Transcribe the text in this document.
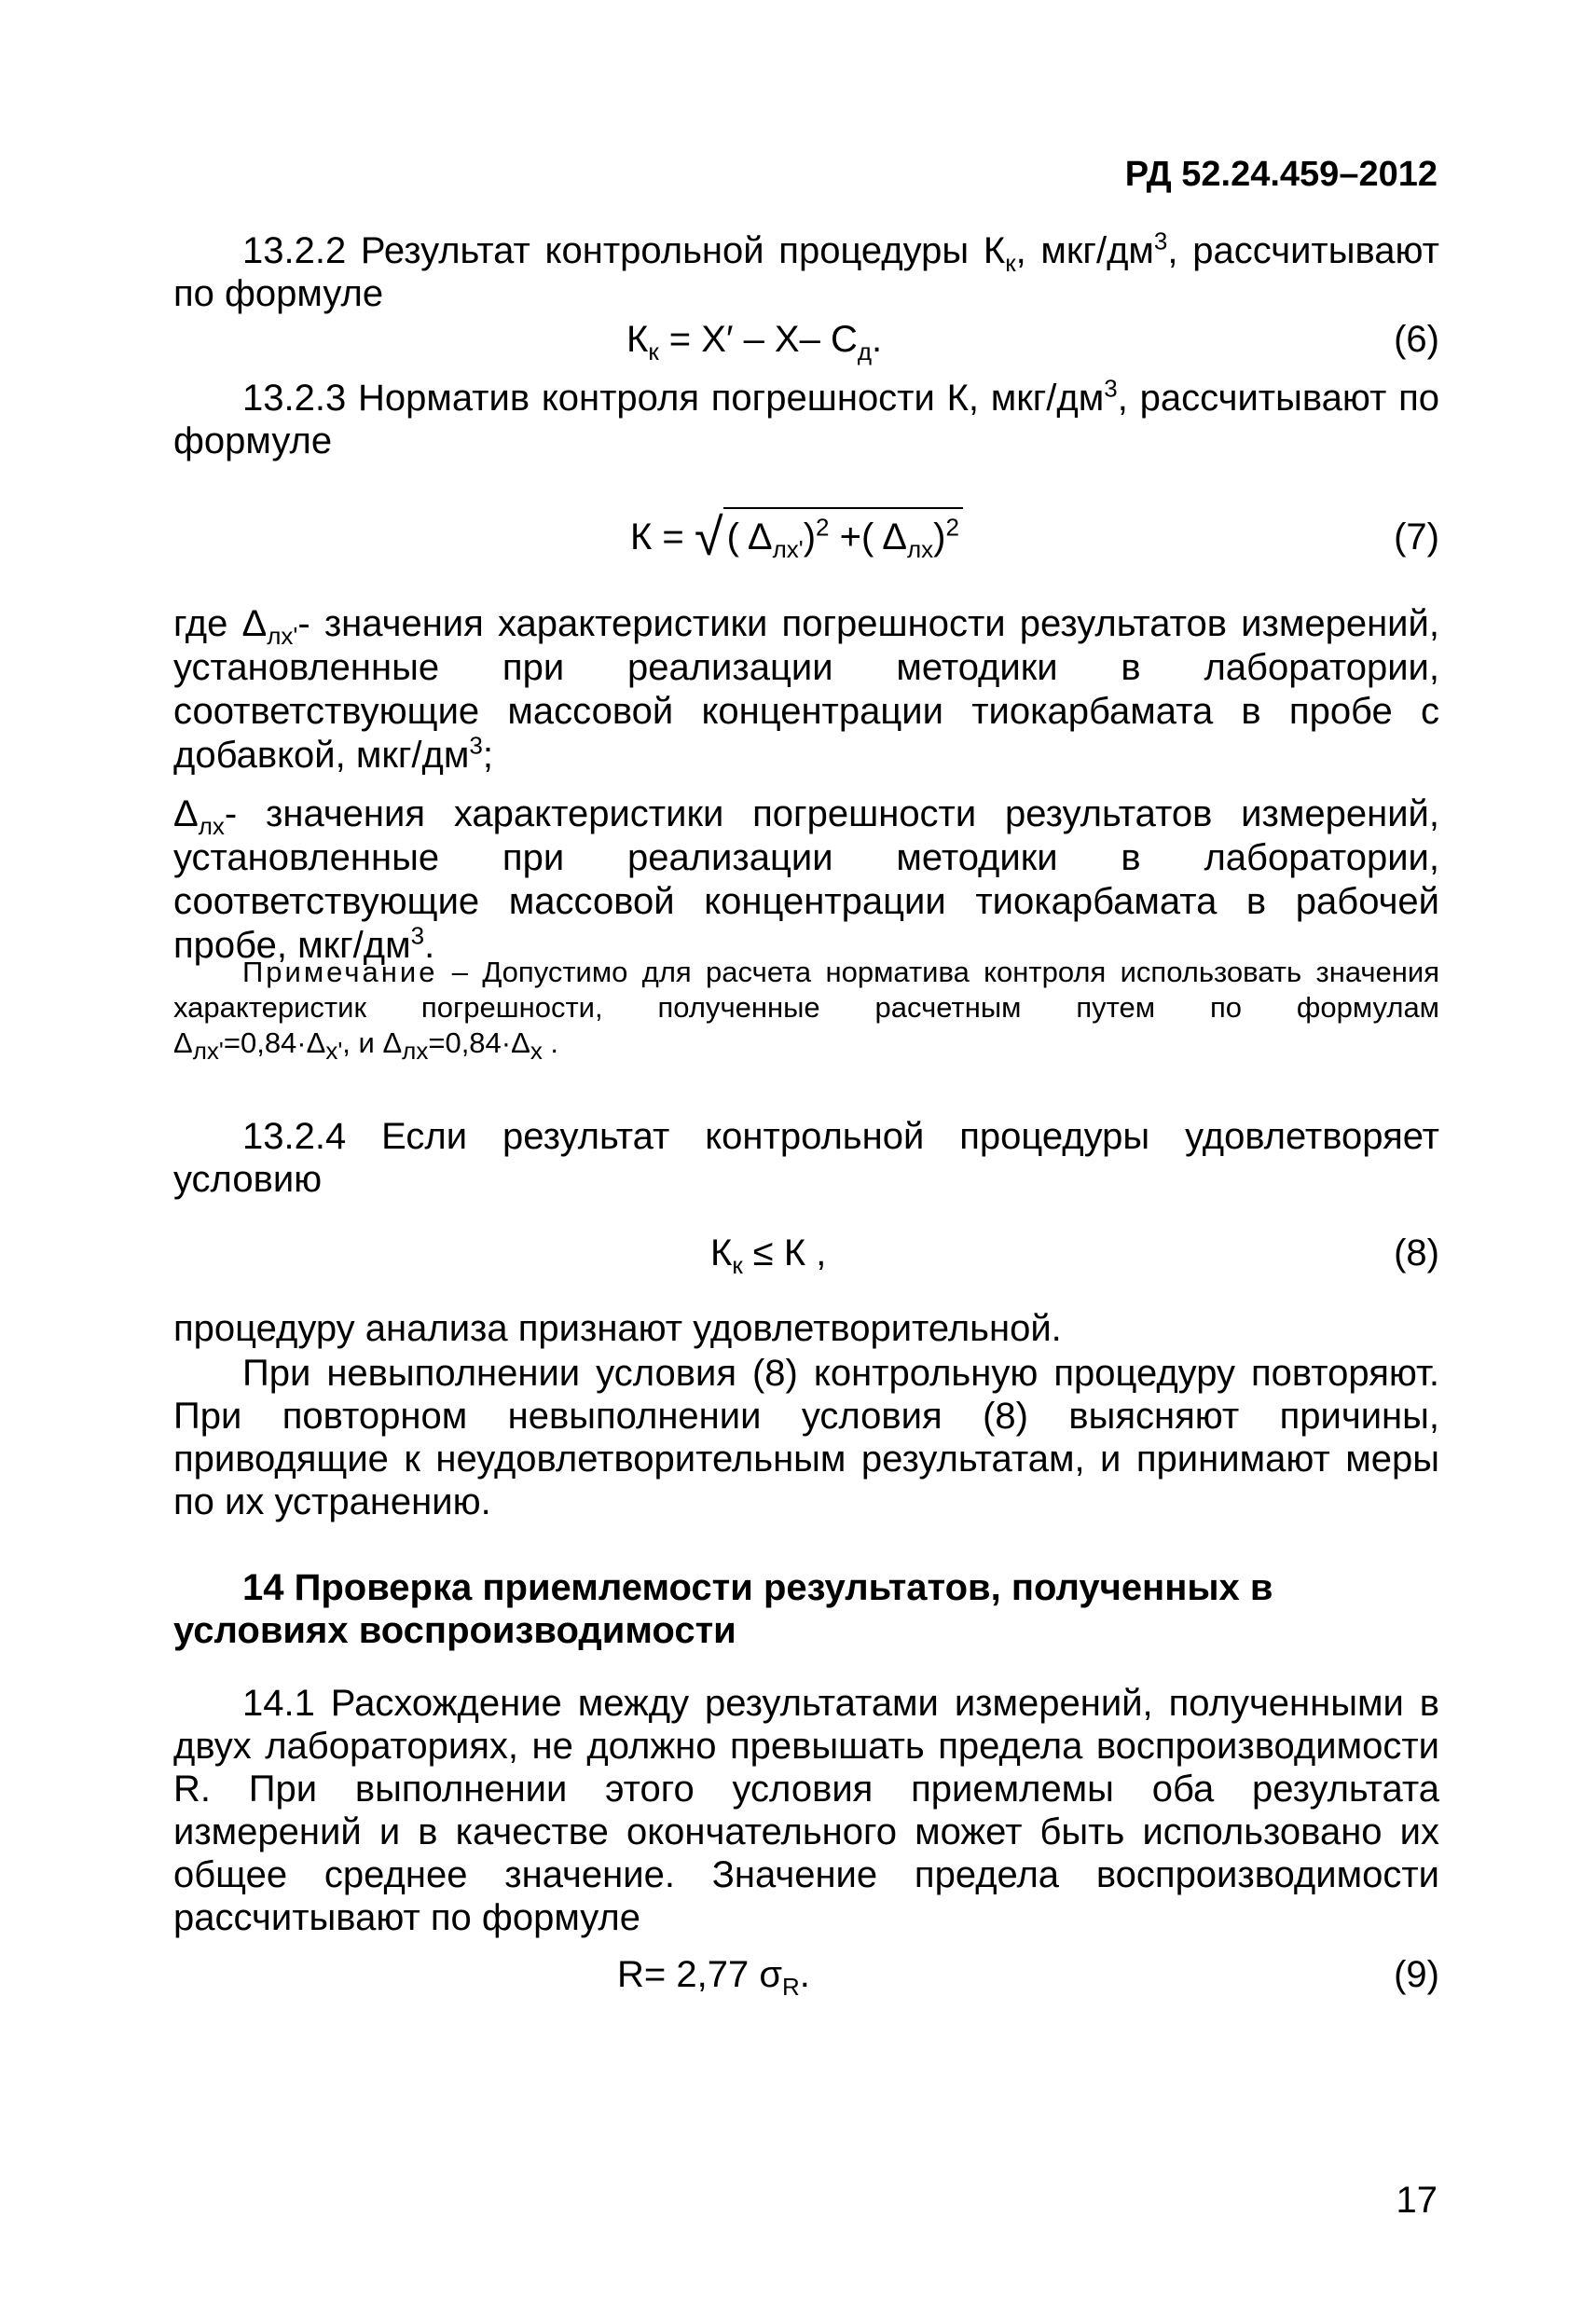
РД 52.24.459–2012
13.2.2 Результат контрольной процедуры $К_к$, мкг/$дм^3$, рассчитывают по формуле
$К_к = X' - X-$ $С_д$.	(6)
13.2.3 Норматив контроля погрешности К, мкг/$дм^3$, рассчитывают по формуле
К = √ ( $\Delta_{лх'})^2$ +( $\Delta_{лх})^2$	(7)
где $\Delta_{лх'}-$ значения характеристики погрешности результатов измерений, установленные при реализации методики в лаборатории, соответствующие массовой концентрации тиокарбамата в пробе с добавкой, мкг/$дм^3$;
$\Delta_{лх}-$ значения характеристики погрешности результатов измерений, установленные при реализации методики в лаборатории, соответствующие массовой концентрации тиокарбамата в рабочей пробе, мкг/$дм^3$.
Примечание – Допустимо для расчета норматива контроля использовать значения характеристик погрешности, полученные расчетным путем по формулам $\Delta_{лх'}=0,84\cdot\Delta_{x'}$, и $\Delta_{лх}=0,84\cdot\Delta_x$ .
13.2.4 Если результат контрольной процедуры удовлетворяет условию
$К_к \le К$ ,	(8)
процедуру анализа признают удовлетворительной.
При невыполнении условия (8) контрольную процедуру повторяют. При повторном невыполнении условия (8) выясняют причины, приводящие к неудовлетворительным результатам, и принимают меры по их устранению.
14 Проверка приемлемости результатов, полученных в условиях воспроизводимости
14.1 Расхождение между результатами измерений, полученными в двух лабораториях, не должно превышать предела воспроизводимости R. При выполнении этого условия приемлемы оба результата измерений и в качестве окончательного может быть использовано их общее среднее значение. Значение предела воспроизводимости рассчитывают по формуле
R= 2,77 $\sigma_R$.	(9)
17
